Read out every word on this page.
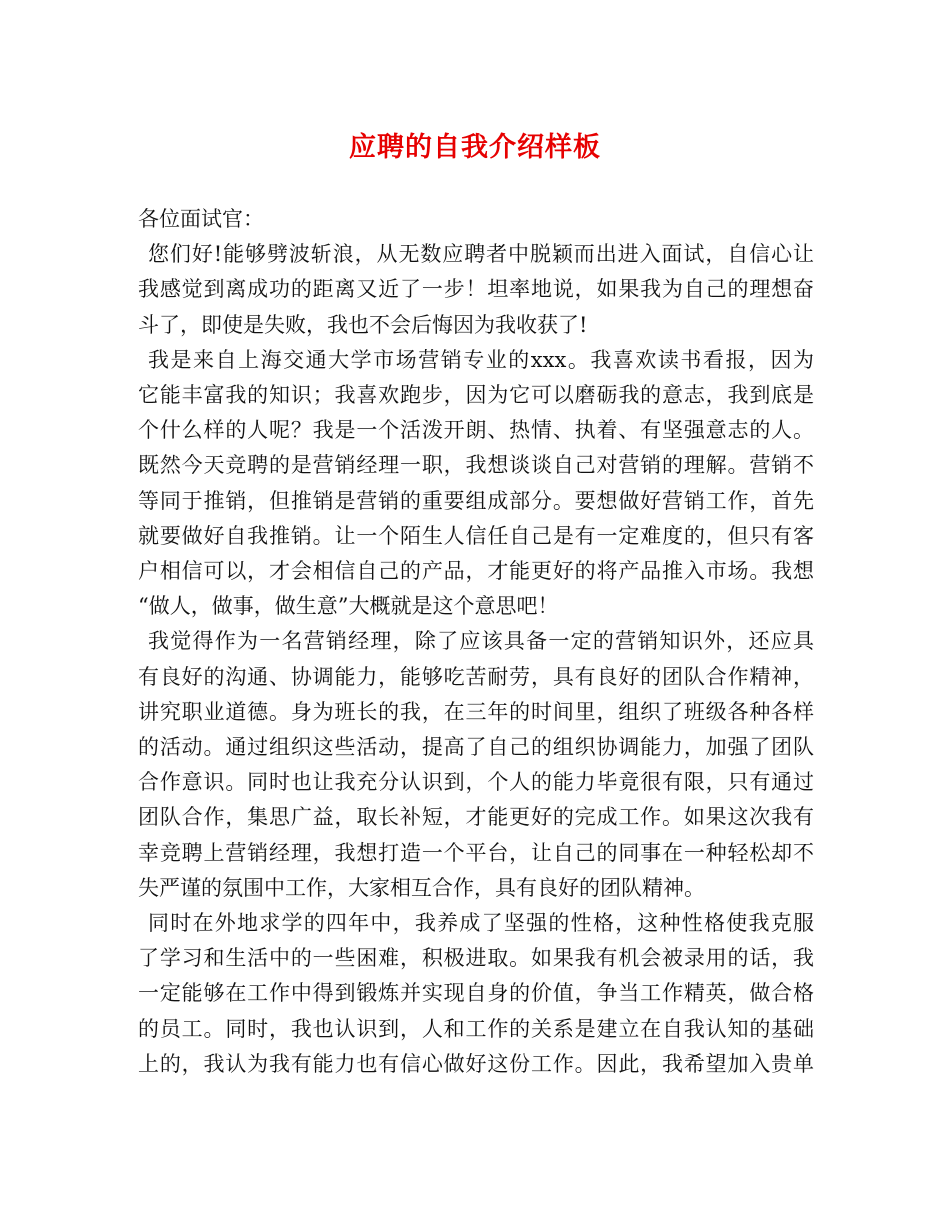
应聘的自我介绍样板
各位面试官：
您们好!能够劈波斩浪，从无数应聘者中脱颖而出进入面试，自信心让
我感觉到离成功的距离又近了一步！坦率地说，如果我为自己的理想奋
斗了，即使是失败，我也不会后悔因为我收获了!
我是来自上海交通大学市场营销专业的xxx。我喜欢读书看报，因为
它能丰富我的知识；我喜欢跑步，因为它可以磨砺我的意志，我到底是
个什么样的人呢？我是一个活泼开朗、热情、执着、有坚强意志的人。
既然今天竞聘的是营销经理一职，我想谈谈自己对营销的理解。营销不
等同于推销，但推销是营销的重要组成部分。要想做好营销工作，首先
就要做好自我推销。让一个陌生人信任自己是有一定难度的，但只有客
户相信可以，才会相信自己的产品，才能更好的将产品推入市场。我想
“做人，做事，做生意”大概就是这个意思吧！
我觉得作为一名营销经理，除了应该具备一定的营销知识外，还应具
有良好的沟通、协调能力，能够吃苦耐劳，具有良好的团队合作精神，
讲究职业道德。身为班长的我，在三年的时间里，组织了班级各种各样
的活动。通过组织这些活动，提高了自己的组织协调能力，加强了团队
合作意识。同时也让我充分认识到，个人的能力毕竟很有限，只有通过
团队合作，集思广益，取长补短，才能更好的完成工作。如果这次我有
幸竞聘上营销经理，我想打造一个平台，让自己的同事在一种轻松却不
失严谨的氛围中工作，大家相互合作，具有良好的团队精神。
同时在外地求学的四年中，我养成了坚强的性格，这种性格使我克服
了学习和生活中的一些困难，积极进取。如果我有机会被录用的话，我
一定能够在工作中得到锻炼并实现自身的价值，争当工作精英，做合格
的员工。同时，我也认识到，人和工作的关系是建立在自我认知的基础
上的，我认为我有能力也有信心做好这份工作。因此，我希望加入贵单
